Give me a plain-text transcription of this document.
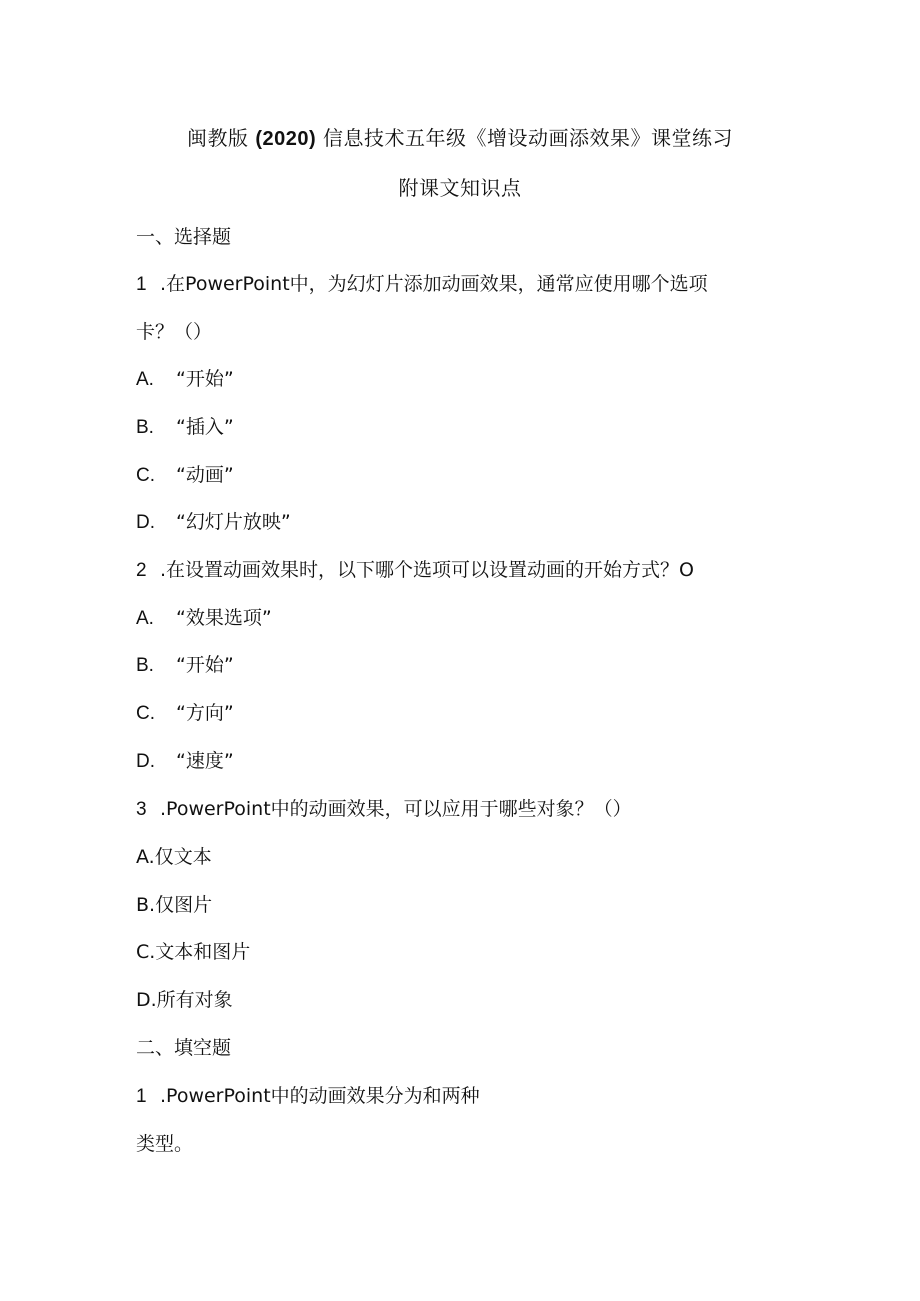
闽教版 (2020) 信息技术五年级《增设动画添效果》课堂练习
附课文知识点
一、选择题
1 .在PowerPoint中，为幻灯片添加动画效果，通常应使用哪个选项
卡？（）
A. “开始”
B. “插入”
C. “动画”
D. “幻灯片放映”
2 .在设置动画效果时，以下哪个选项可以设置动画的开始方式？O
A. “效果选项”
B. “开始”
C. “方向”
D. “速度”
3 .PowerPoint中的动画效果，可以应用于哪些对象？（）
A.仅文本
B.仅图片
C.文本和图片
D.所有对象
二、填空题
1 .PowerPoint中的动画效果分为和两种
类型。
